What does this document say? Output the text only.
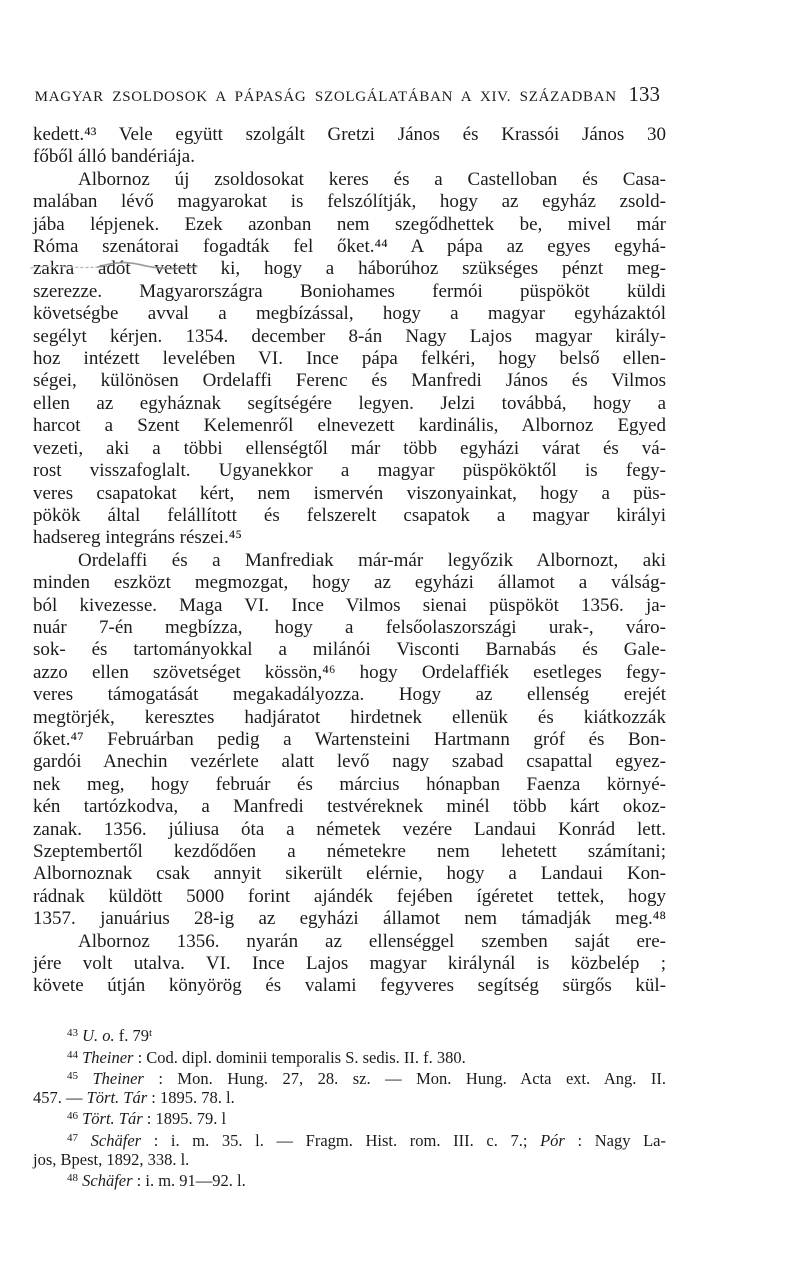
MAGYAR ZSOLDOSOK A PÁPASÁG SZOLGÁLATÁBAN A XIV. SZÁZADBAN 133
kedett.⁴³ Vele együtt szolgált Gretzi János és Krassói János 30
főből álló bandériája.
Albornoz új zsoldosokat keres és a Castelloban és Casa-
malában lévő magyarokat is felszólítják, hogy az egyház zsold-
jába lépjenek. Ezek azonban nem szegődhettek be, mivel már
Róma szenátorai fogadták fel őket.⁴⁴ A pápa az egyes egyhá-
zakra adót vetett ki, hogy a háborúhoz szükséges pénzt meg-
szerezze. Magyarországra Boniohames fermói püspököt küldi
követségbe avval a megbízással, hogy a magyar egyházaktól
segélyt kérjen. 1354. december 8-án Nagy Lajos magyar király-
hoz intézett levelében VI. Ince pápa felkéri, hogy belső ellen-
ségei, különösen Ordelaffi Ferenc és Manfredi János és Vilmos
ellen az egyháznak segítségére legyen. Jelzi továbbá, hogy a
harcot a Szent Kelemenről elnevezett kardinális, Albornoz Egyed
vezeti, aki a többi ellenségtől már több egyházi várat és vá-
rost visszafoglalt. Ugyanekkor a magyar püspököktől is fegy-
veres csapatokat kért, nem ismervén viszonyainkat, hogy a püs-
pökök által felállított és felszerelt csapatok a magyar királyi
hadsereg integráns részei.⁴⁵
Ordelaffi és a Manfrediak már-már legyőzik Albornozt, aki
minden eszközt megmozgat, hogy az egyházi államot a válság-
ból kivezesse. Maga VI. Ince Vilmos sienai püspököt 1356. ja-
nuár 7-én megbízza, hogy a felsőolaszországi urak-, váro-
sok- és tartományokkal a milánói Visconti Barnabás és Gale-
azzo ellen szövetséget kössön,⁴⁶ hogy Ordelaffiék esetleges fegy-
veres támogatását megakadályozza. Hogy az ellenség erejét
megtörjék, keresztes hadjáratot hirdetnek ellenük és kiátkozzák
őket.⁴⁷ Februárban pedig a Wartensteini Hartmann gróf és Bon-
gardói Anechin vezérlete alatt levő nagy szabad csapattal egyez-
nek meg, hogy február és március hónapban Faenza környé-
kén tartózkodva, a Manfredi testvéreknek minél több kárt okoz-
zanak. 1356. júliusa óta a németek vezére Landaui Konrád lett.
Szeptembertől kezdődően a németekre nem lehetett számítani;
Albornoznak csak annyit sikerült elérnie, hogy a Landaui Kon-
rádnak küldött 5000 forint ajándék fejében ígéretet tettek, hogy
1357. januárius 28-ig az egyházi államot nem támadják meg.⁴⁸
Albornoz 1356. nyarán az ellenséggel szemben saját ere-
jére volt utalva. VI. Ince Lajos magyar királynál is közbelép ;
követe útján könyörög és valami fegyveres segítség sürgős kül-
$^{43}$ U. o. f. 79$^t$
$^{44}$ Theiner : Cod. dipl. dominii temporalis S. sedis. II. f. 380.
$^{45}$ Theiner : Mon. Hung. 27, 28. sz. — Mon. Hung. Acta ext. Ang. II.
457. — Tört. Tár : 1895. 78. l.
$^{46}$ Tört. Tár : 1895. 79. l
$^{47}$ Schäfer : i. m. 35. l. — Fragm. Hist. rom. III. c. 7.; Pór : Nagy La-
jos, Bpest, 1892, 338. l.
$^{48}$ Schäfer : i. m. 91—92. l.
